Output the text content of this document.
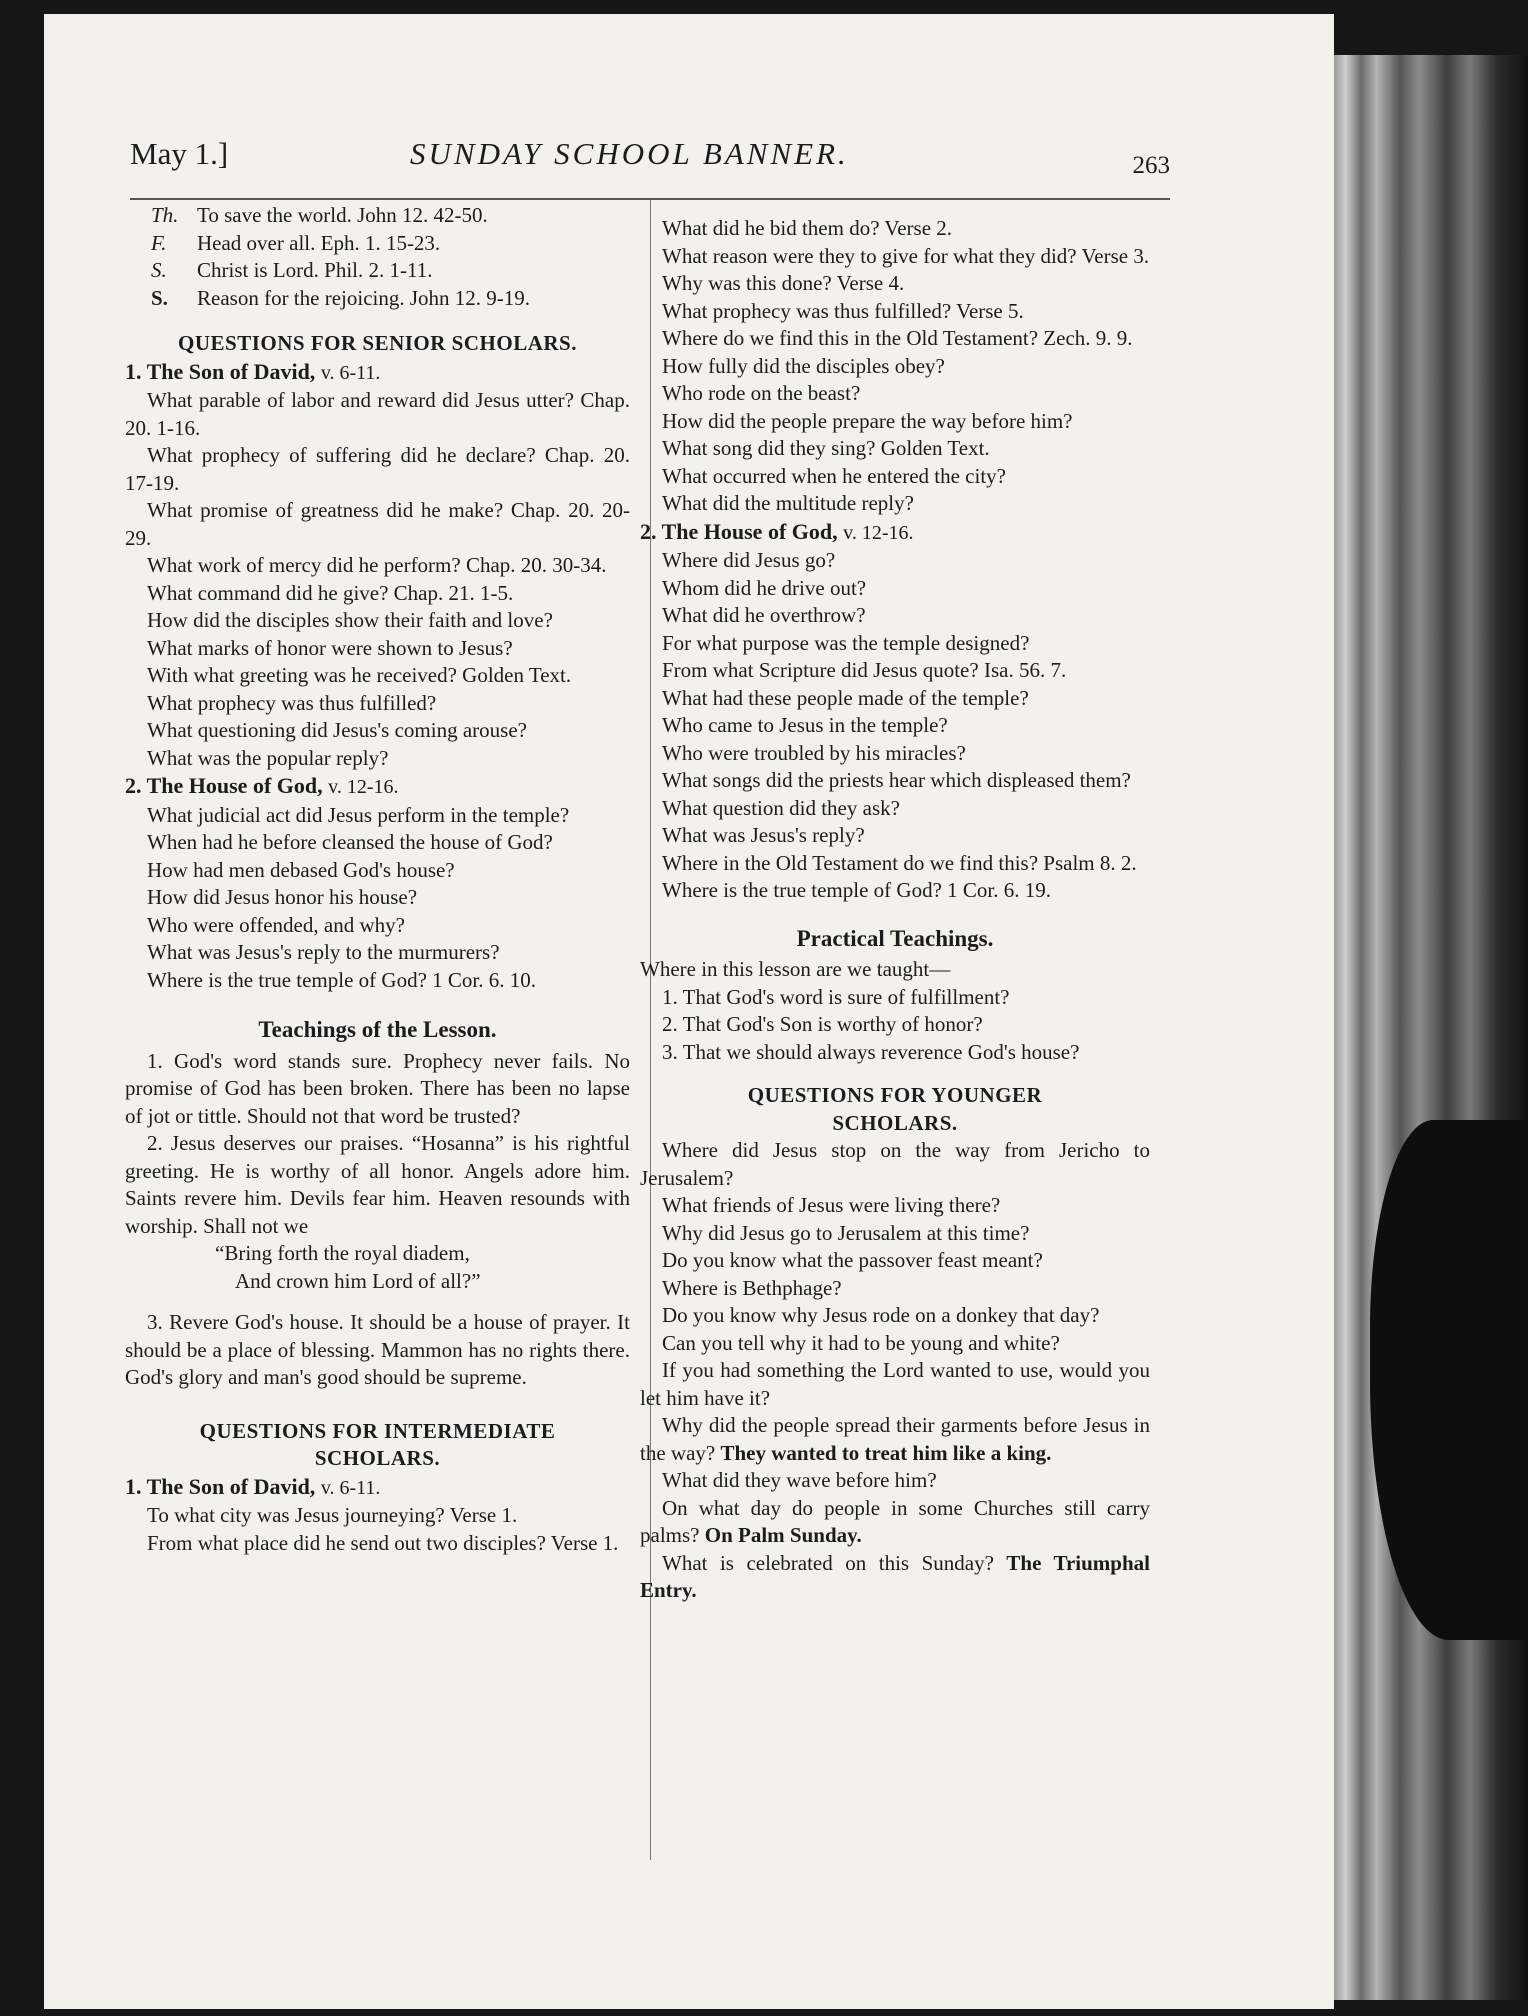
May 1.]	SUNDAY SCHOOL BANNER.	263

Th. To save the world. John 12. 42-50.

F. Head over all. Eph. 1. 15-23.

S. Christ is Lord. Phil. 2. 1-11.

S. Reason for the rejoicing. John 12. 9-19.

QUESTIONS FOR SENIOR SCHOLARS.

1. The Son of David, v. 6-11.

What parable of labor and reward did Jesus utter? Chap. 20. 1-16.

What prophecy of suffering did he declare? Chap. 20. 17-19.

What promise of greatness did he make? Chap. 20. 20-29.

What work of mercy did he perform? Chap. 20. 30-34.

What command did he give? Chap. 21. 1-5.

How did the disciples show their faith and love?

What marks of honor were shown to Jesus?

With what greeting was he received? Golden Text.

What prophecy was thus fulfilled?

What questioning did Jesus's coming arouse?

What was the popular reply?

2. The House of God, v. 12-16.

What judicial act did Jesus perform in the temple?

When had he before cleansed the house of God?

How had men debased God's house?

How did Jesus honor his house?

Who were offended, and why?

What was Jesus's reply to the murmurers?

Where is the true temple of God? 1 Cor. 6. 10.

Teachings of the Lesson.

1. God's word stands sure. Prophecy never fails. No promise of God has been broken. There has been no lapse of jot or tittle. Should not that word be trusted?

2. Jesus deserves our praises. “Hosanna” is his rightful greeting. He is worthy of all honor. Angels adore him. Saints revere him. Devils fear him. Heaven resounds with worship. Shall not we

“Bring forth the royal diadem,

And crown him Lord of all?”

3. Revere God's house. It should be a house of prayer. It should be a place of blessing. Mammon has no rights there. God's glory and man's good should be supreme.

QUESTIONS FOR INTERMEDIATE
SCHOLARS.

1. The Son of David, v. 6-11.

To what city was Jesus journeying? Verse 1.

From what place did he send out two disciples? Verse 1.

What did he bid them do? Verse 2.

What reason were they to give for what they did? Verse 3.

Why was this done? Verse 4.

What prophecy was thus fulfilled? Verse 5.

Where do we find this in the Old Testament? Zech. 9. 9.

How fully did the disciples obey?

Who rode on the beast?

How did the people prepare the way before him?

What song did they sing? Golden Text.

What occurred when he entered the city?

What did the multitude reply?

2. The House of God, v. 12-16.

Where did Jesus go?

Whom did he drive out?

What did he overthrow?

For what purpose was the temple designed?

From what Scripture did Jesus quote? Isa. 56. 7.

What had these people made of the temple?

Who came to Jesus in the temple?

Who were troubled by his miracles?

What songs did the priests hear which displeased them?

What question did they ask?

What was Jesus's reply?

Where in the Old Testament do we find this? Psalm 8. 2.

Where is the true temple of God? 1 Cor. 6. 19.

Practical Teachings.

Where in this lesson are we taught—

1. That God's word is sure of fulfillment?

2. That God's Son is worthy of honor?

3. That we should always reverence God's house?

QUESTIONS FOR YOUNGER
SCHOLARS.

Where did Jesus stop on the way from Jericho to Jerusalem?

What friends of Jesus were living there?

Why did Jesus go to Jerusalem at this time?

Do you know what the passover feast meant?

Where is Bethphage?

Do you know why Jesus rode on a donkey that day?

Can you tell why it had to be young and white?

If you had something the Lord wanted to use, would you let him have it?

Why did the people spread their garments before Jesus in the way? They wanted to treat him like a king.

What did they wave before him?

On what day do people in some Churches still carry palms? On Palm Sunday.

What is celebrated on this Sunday? The Triumphal Entry.
